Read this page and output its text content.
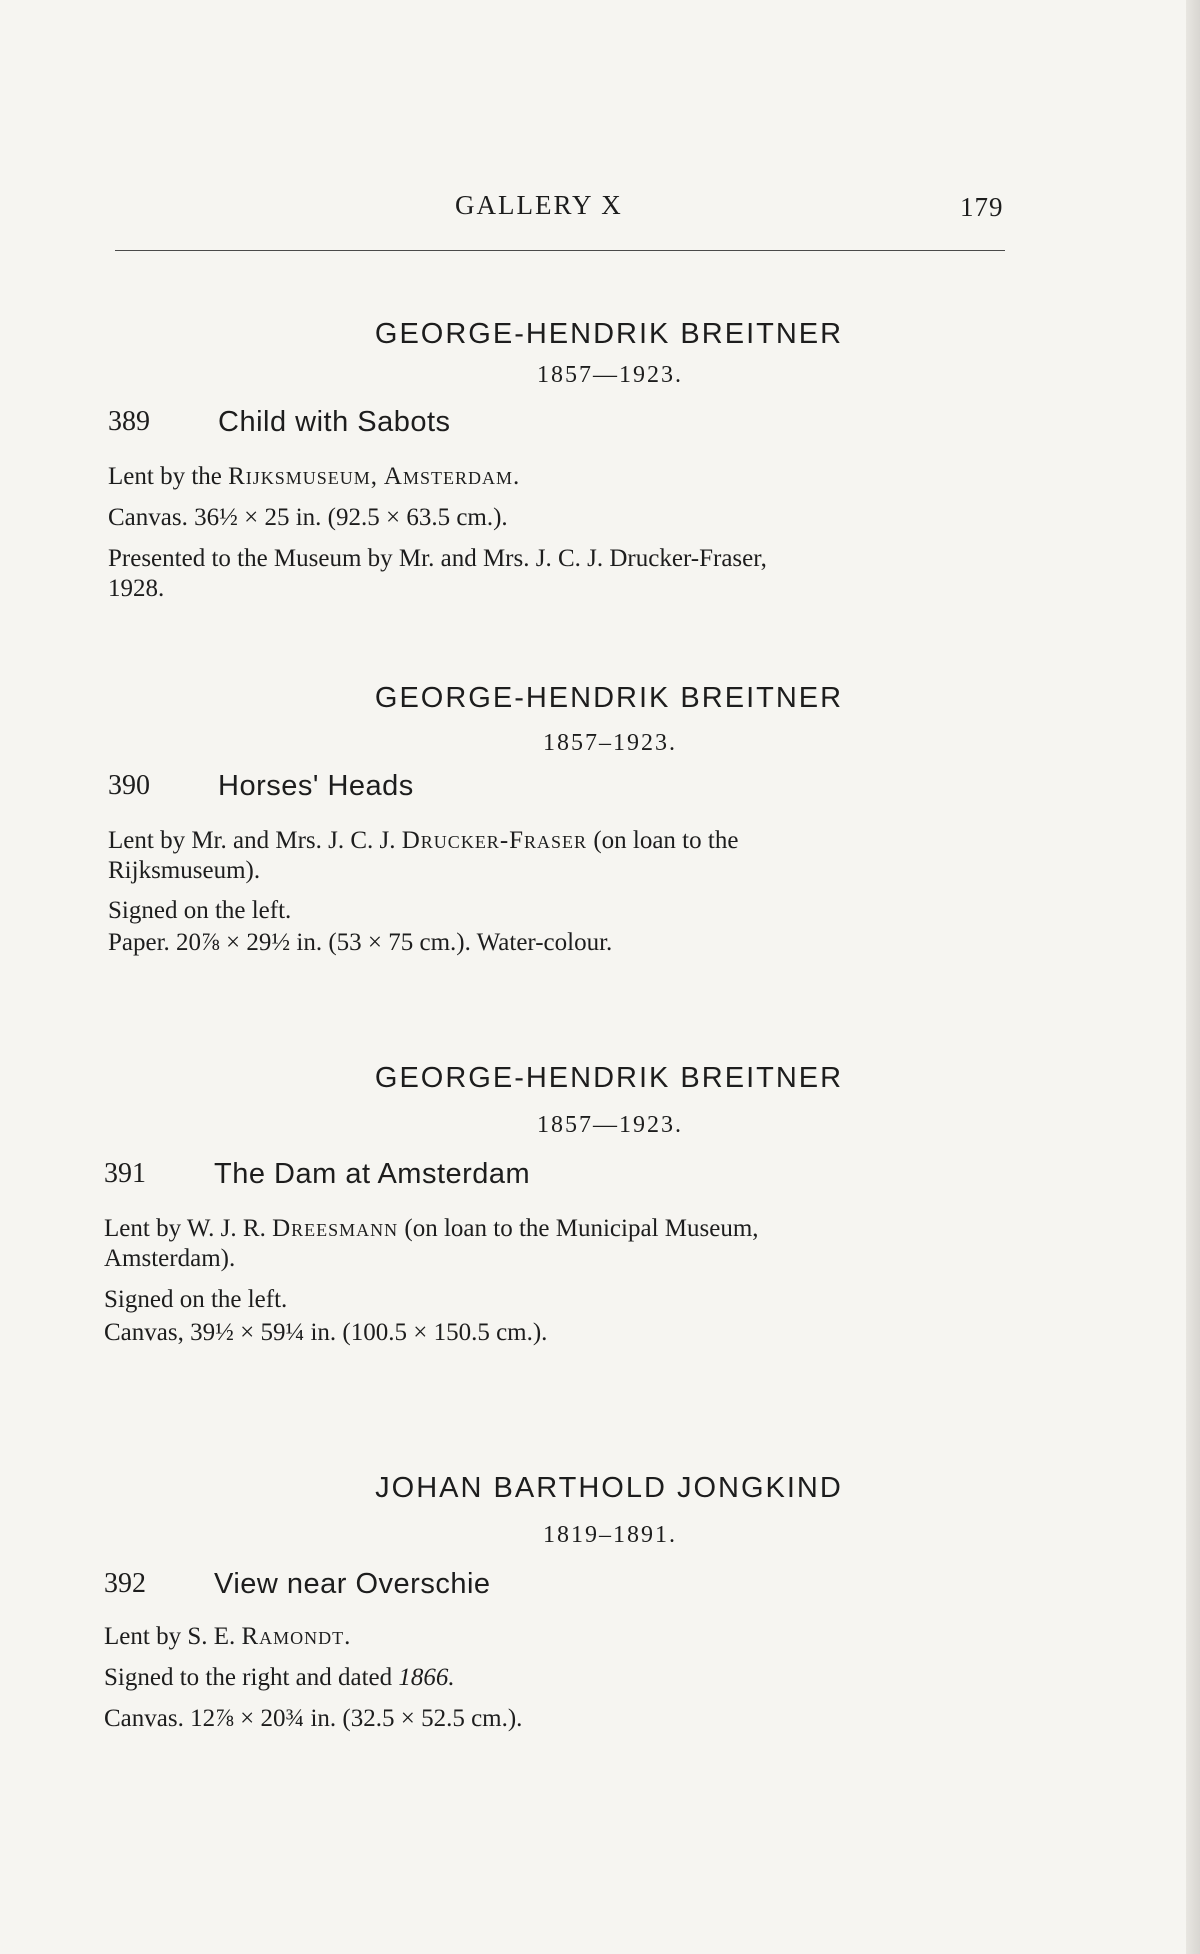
GALLERY X	179
GEORGE-HENDRIK BREITNER
1857—1923.
389 Child with Sabots
Lent by the Rijksmuseum, Amsterdam.
Canvas. 36½ × 25 in. (92.5 × 63.5 cm.).
Presented to the Museum by Mr. and Mrs. J. C. J. Drucker-Fraser,
1928.
GEORGE-HENDRIK BREITNER
1857–1923.
390 Horses' Heads
Lent by Mr. and Mrs. J. C. J. Drucker-Fraser (on loan to the
Rijksmuseum).
Signed on the left.
Paper. 20⅞ × 29½ in. (53 × 75 cm.). Water-colour.
GEORGE-HENDRIK BREITNER
1857—1923.
391 The Dam at Amsterdam
Lent by W. J. R. Dreesmann (on loan to the Municipal Museum,
Amsterdam).
Signed on the left.
Canvas, 39½ × 59¼ in. (100.5 × 150.5 cm.).
JOHAN BARTHOLD JONGKIND
1819–1891.
392 View near Overschie
Lent by S. E. Ramondt.
Signed to the right and dated 1866.
Canvas. 12⅞ × 20¾ in. (32.5 × 52.5 cm.).
